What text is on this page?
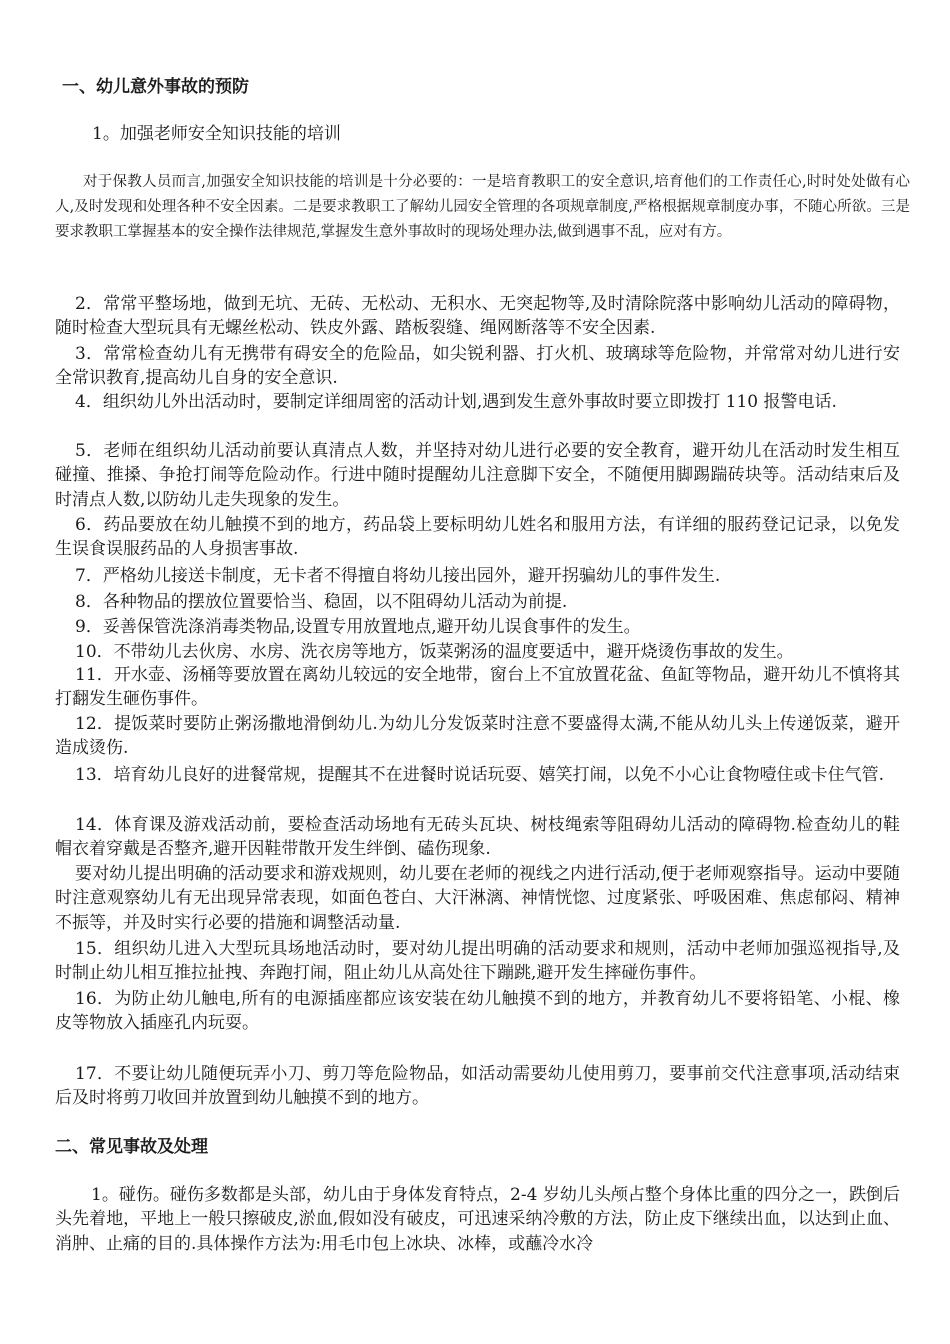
一、幼儿意外事故的预防
1。加强老师安全知识技能的培训
对于保教人员而言,加强安全知识技能的培训是十分必要的：一是培育教职工的安全意识,培育他们的工作责任心,时时处处做有心人,及时发现和处理各种不安全因素。二是要求教职工了解幼儿园安全管理的各项规章制度,严格根据规章制度办事，不随心所欲。三是要求教职工掌握基本的安全操作法律规范,掌握发生意外事故时的现场处理办法,做到遇事不乱，应对有方。
2．常常平整场地，做到无坑、无砖、无松动、无积水、无突起物等,及时清除院落中影响幼儿活动的障碍物，随时检查大型玩具有无螺丝松动、铁皮外露、踏板裂缝、绳网断落等不安全因素.
3．常常检查幼儿有无携带有碍安全的危险品，如尖锐利器、打火机、玻璃球等危险物，并常常对幼儿进行安全常识教育,提高幼儿自身的安全意识.
4．组织幼儿外出活动时，要制定详细周密的活动计划,遇到发生意外事故时要立即拨打 110 报警电话.
5．老师在组织幼儿活动前要认真清点人数，并坚持对幼儿进行必要的安全教育，避开幼儿在活动时发生相互碰撞、推搡、争抢打闹等危险动作。行进中随时提醒幼儿注意脚下安全，不随便用脚踢踹砖块等。活动结束后及时清点人数,以防幼儿走失现象的发生。
6．药品要放在幼儿触摸不到的地方，药品袋上要标明幼儿姓名和服用方法，有详细的服药登记记录，以免发生误食误服药品的人身损害事故.
7．严格幼儿接送卡制度，无卡者不得擅自将幼儿接出园外，避开拐骗幼儿的事件发生.
8．各种物品的摆放位置要恰当、稳固，以不阻碍幼儿活动为前提.
9．妥善保管洗涤消毒类物品,设置专用放置地点,避开幼儿误食事件的发生。
10．不带幼儿去伙房、水房、洗衣房等地方，饭菜粥汤的温度要适中，避开烧烫伤事故的发生。
11．开水壶、汤桶等要放置在离幼儿较远的安全地带，窗台上不宜放置花盆、鱼缸等物品，避开幼儿不慎将其打翻发生砸伤事件。
12．提饭菜时要防止粥汤撒地滑倒幼儿.为幼儿分发饭菜时注意不要盛得太满,不能从幼儿头上传递饭菜，避开造成烫伤.
13．培育幼儿良好的进餐常规，提醒其不在进餐时说话玩耍、嬉笑打闹，以免不小心让食物噎住或卡住气管.
14．体育课及游戏活动前，要检查活动场地有无砖头瓦块、树枝绳索等阻碍幼儿活动的障碍物.检查幼儿的鞋帽衣着穿戴是否整齐,避开因鞋带散开发生绊倒、磕伤现象.
要对幼儿提出明确的活动要求和游戏规则，幼儿要在老师的视线之内进行活动,便于老师观察指导。运动中要随时注意观察幼儿有无出现异常表现，如面色苍白、大汗淋漓、神情恍惚、过度紧张、呼吸困难、焦虑郁闷、精神不振等，并及时实行必要的措施和调整活动量.
15．组织幼儿进入大型玩具场地活动时，要对幼儿提出明确的活动要求和规则，活动中老师加强巡视指导,及时制止幼儿相互推拉扯拽、奔跑打闹，阻止幼儿从高处往下蹦跳,避开发生摔碰伤事件。
16．为防止幼儿触电,所有的电源插座都应该安装在幼儿触摸不到的地方，并教育幼儿不要将铅笔、小棍、橡皮等物放入插座孔内玩耍。
17．不要让幼儿随便玩弄小刀、剪刀等危险物品，如活动需要幼儿使用剪刀，要事前交代注意事项,活动结束后及时将剪刀收回并放置到幼儿触摸不到的地方。
二、常见事故及处理
1。碰伤。碰伤多数都是头部，幼儿由于身体发育特点，2-4 岁幼儿头颅占整个身体比重的四分之一，跌倒后头先着地，平地上一般只擦破皮,淤血,假如没有破皮，可迅速采纳冷敷的方法，防止皮下继续出血，以达到止血、消肿、止痛的目的.具体操作方法为:用毛巾包上冰块、冰棒，或蘸冷水冷
